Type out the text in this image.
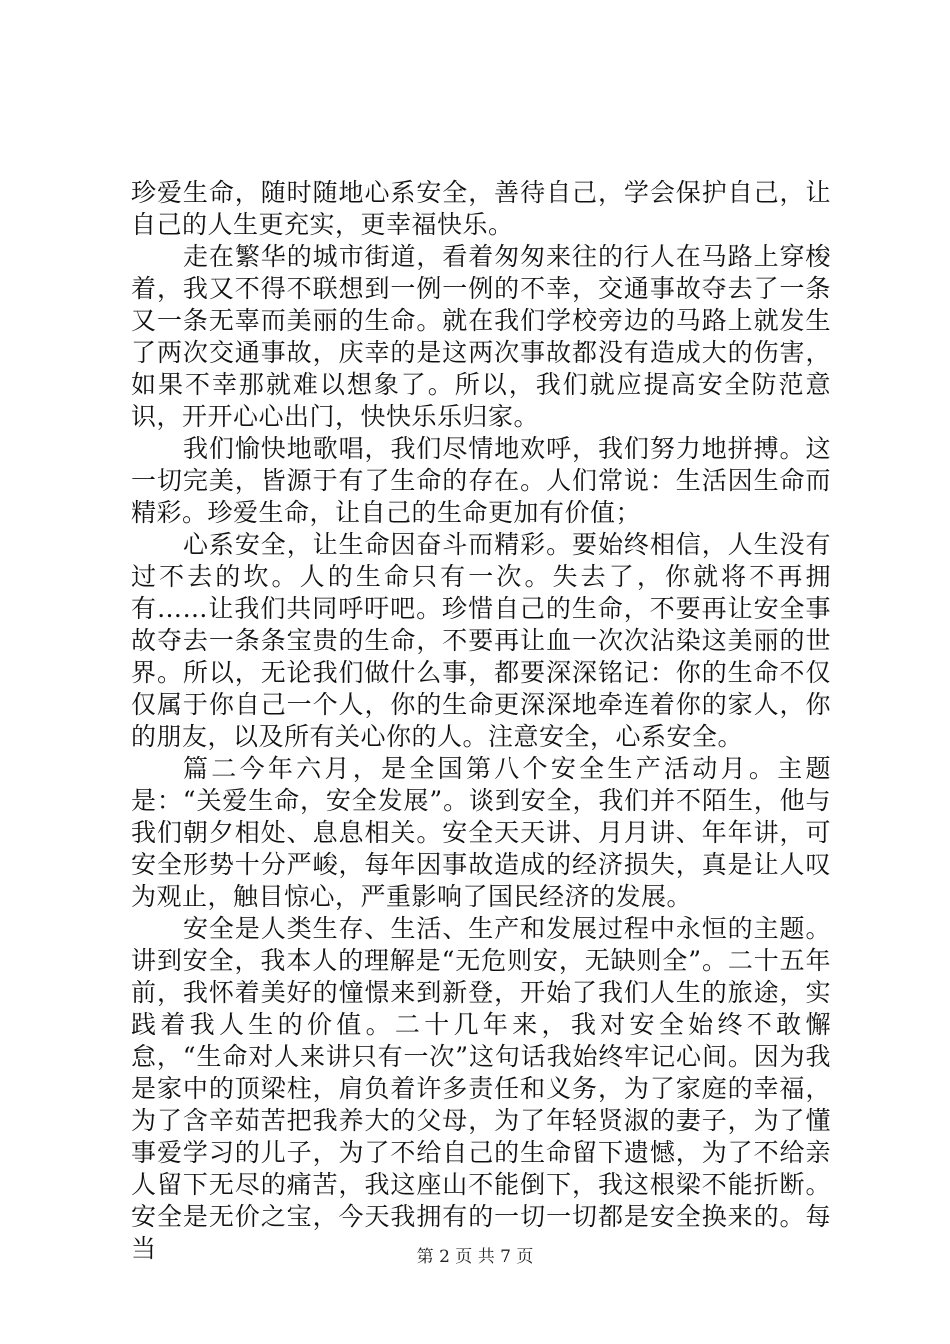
珍爱生命，随时随地心系安全，善待自己，学会保护自己，让自己的人生更充实，更幸福快乐。

走在繁华的城市街道，看着匆匆来往的行人在马路上穿梭着，我又不得不联想到一例一例的不幸，交通事故夺去了一条又一条无辜而美丽的生命。就在我们学校旁边的马路上就发生了两次交通事故，庆幸的是这两次事故都没有造成大的伤害，如果不幸那就难以想象了。所以，我们就应提高安全防范意识，开开心心出门，快快乐乐归家。

我们愉快地歌唱，我们尽情地欢呼，我们努力地拼搏。这一切完美，皆源于有了生命的存在。人们常说：生活因生命而精彩。珍爱生命，让自己的生命更加有价值；

心系安全，让生命因奋斗而精彩。要始终相信，人生没有过不去的坎。人的生命只有一次。失去了，你就将不再拥有……让我们共同呼吁吧。珍惜自己的生命，不要再让安全事故夺去一条条宝贵的生命，不要再让血一次次沾染这美丽的世界。所以，无论我们做什么事，都要深深铭记：你的生命不仅仅属于你自己一个人，你的生命更深深地牵连着你的家人，你的朋友，以及所有关心你的人。注意安全，心系安全。

篇二今年六月，是全国第八个安全生产活动月。主题是：“关爱生命，安全发展”。谈到安全，我们并不陌生，他与我们朝夕相处、息息相关。安全天天讲、月月讲、年年讲，可安全形势十分严峻，每年因事故造成的经济损失，真是让人叹为观止，触目惊心，严重影响了国民经济的发展。

安全是人类生存、生活、生产和发展过程中永恒的主题。讲到安全，我本人的理解是“无危则安，无缺则全”。二十五年前，我怀着美好的憧憬来到新登，开始了我们人生的旅途，实践着我人生的价值。二十几年来，我对安全始终不敢懈怠，“生命对人来讲只有一次”这句话我始终牢记心间。因为我是家中的顶梁柱，肩负着许多责任和义务，为了家庭的幸福，为了含辛茹苦把我养大的父母，为了年轻贤淑的妻子，为了懂事爱学习的儿子，为了不给自己的生命留下遗憾，为了不给亲人留下无尽的痛苦，我这座山不能倒下，我这根梁不能折断。安全是无价之宝，今天我拥有的一切一切都是安全换来的。每当	第 2 页 共 7 页
